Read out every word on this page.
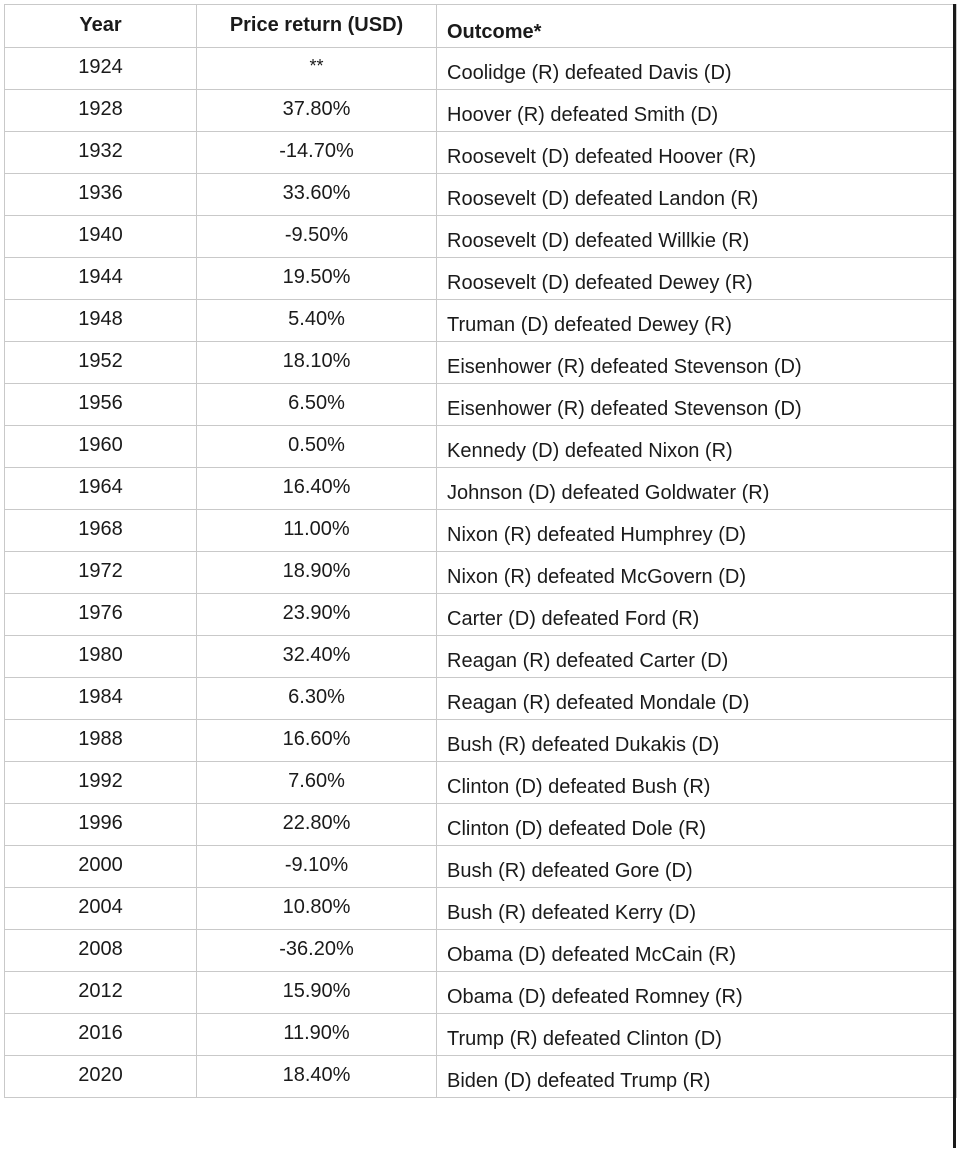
Year	Price return (USD)	Outcome*
1924	**	Coolidge (R) defeated Davis (D)
1928	37.80%	Hoover (R) defeated Smith (D)
1932	-14.70%	Roosevelt (D) defeated Hoover (R)
1936	33.60%	Roosevelt (D) defeated Landon (R)
1940	-9.50%	Roosevelt (D) defeated Willkie (R)
1944	19.50%	Roosevelt (D) defeated Dewey (R)
1948	5.40%	Truman (D) defeated Dewey (R)
1952	18.10%	Eisenhower (R) defeated Stevenson (D)
1956	6.50%	Eisenhower (R) defeated Stevenson (D)
1960	0.50%	Kennedy (D) defeated Nixon (R)
1964	16.40%	Johnson (D) defeated Goldwater (R)
1968	11.00%	Nixon (R) defeated Humphrey (D)
1972	18.90%	Nixon (R) defeated McGovern (D)
1976	23.90%	Carter (D) defeated Ford (R)
1980	32.40%	Reagan (R) defeated Carter (D)
1984	6.30%	Reagan (R) defeated Mondale (D)
1988	16.60%	Bush (R) defeated Dukakis (D)
1992	7.60%	Clinton (D) defeated Bush (R)
1996	22.80%	Clinton (D) defeated Dole (R)
2000	-9.10%	Bush (R) defeated Gore (D)
2004	10.80%	Bush (R) defeated Kerry (D)
2008	-36.20%	Obama (D) defeated McCain (R)
2012	15.90%	Obama (D) defeated Romney (R)
2016	11.90%	Trump (R) defeated Clinton (D)
2020	18.40%	Biden (D) defeated Trump (R)
